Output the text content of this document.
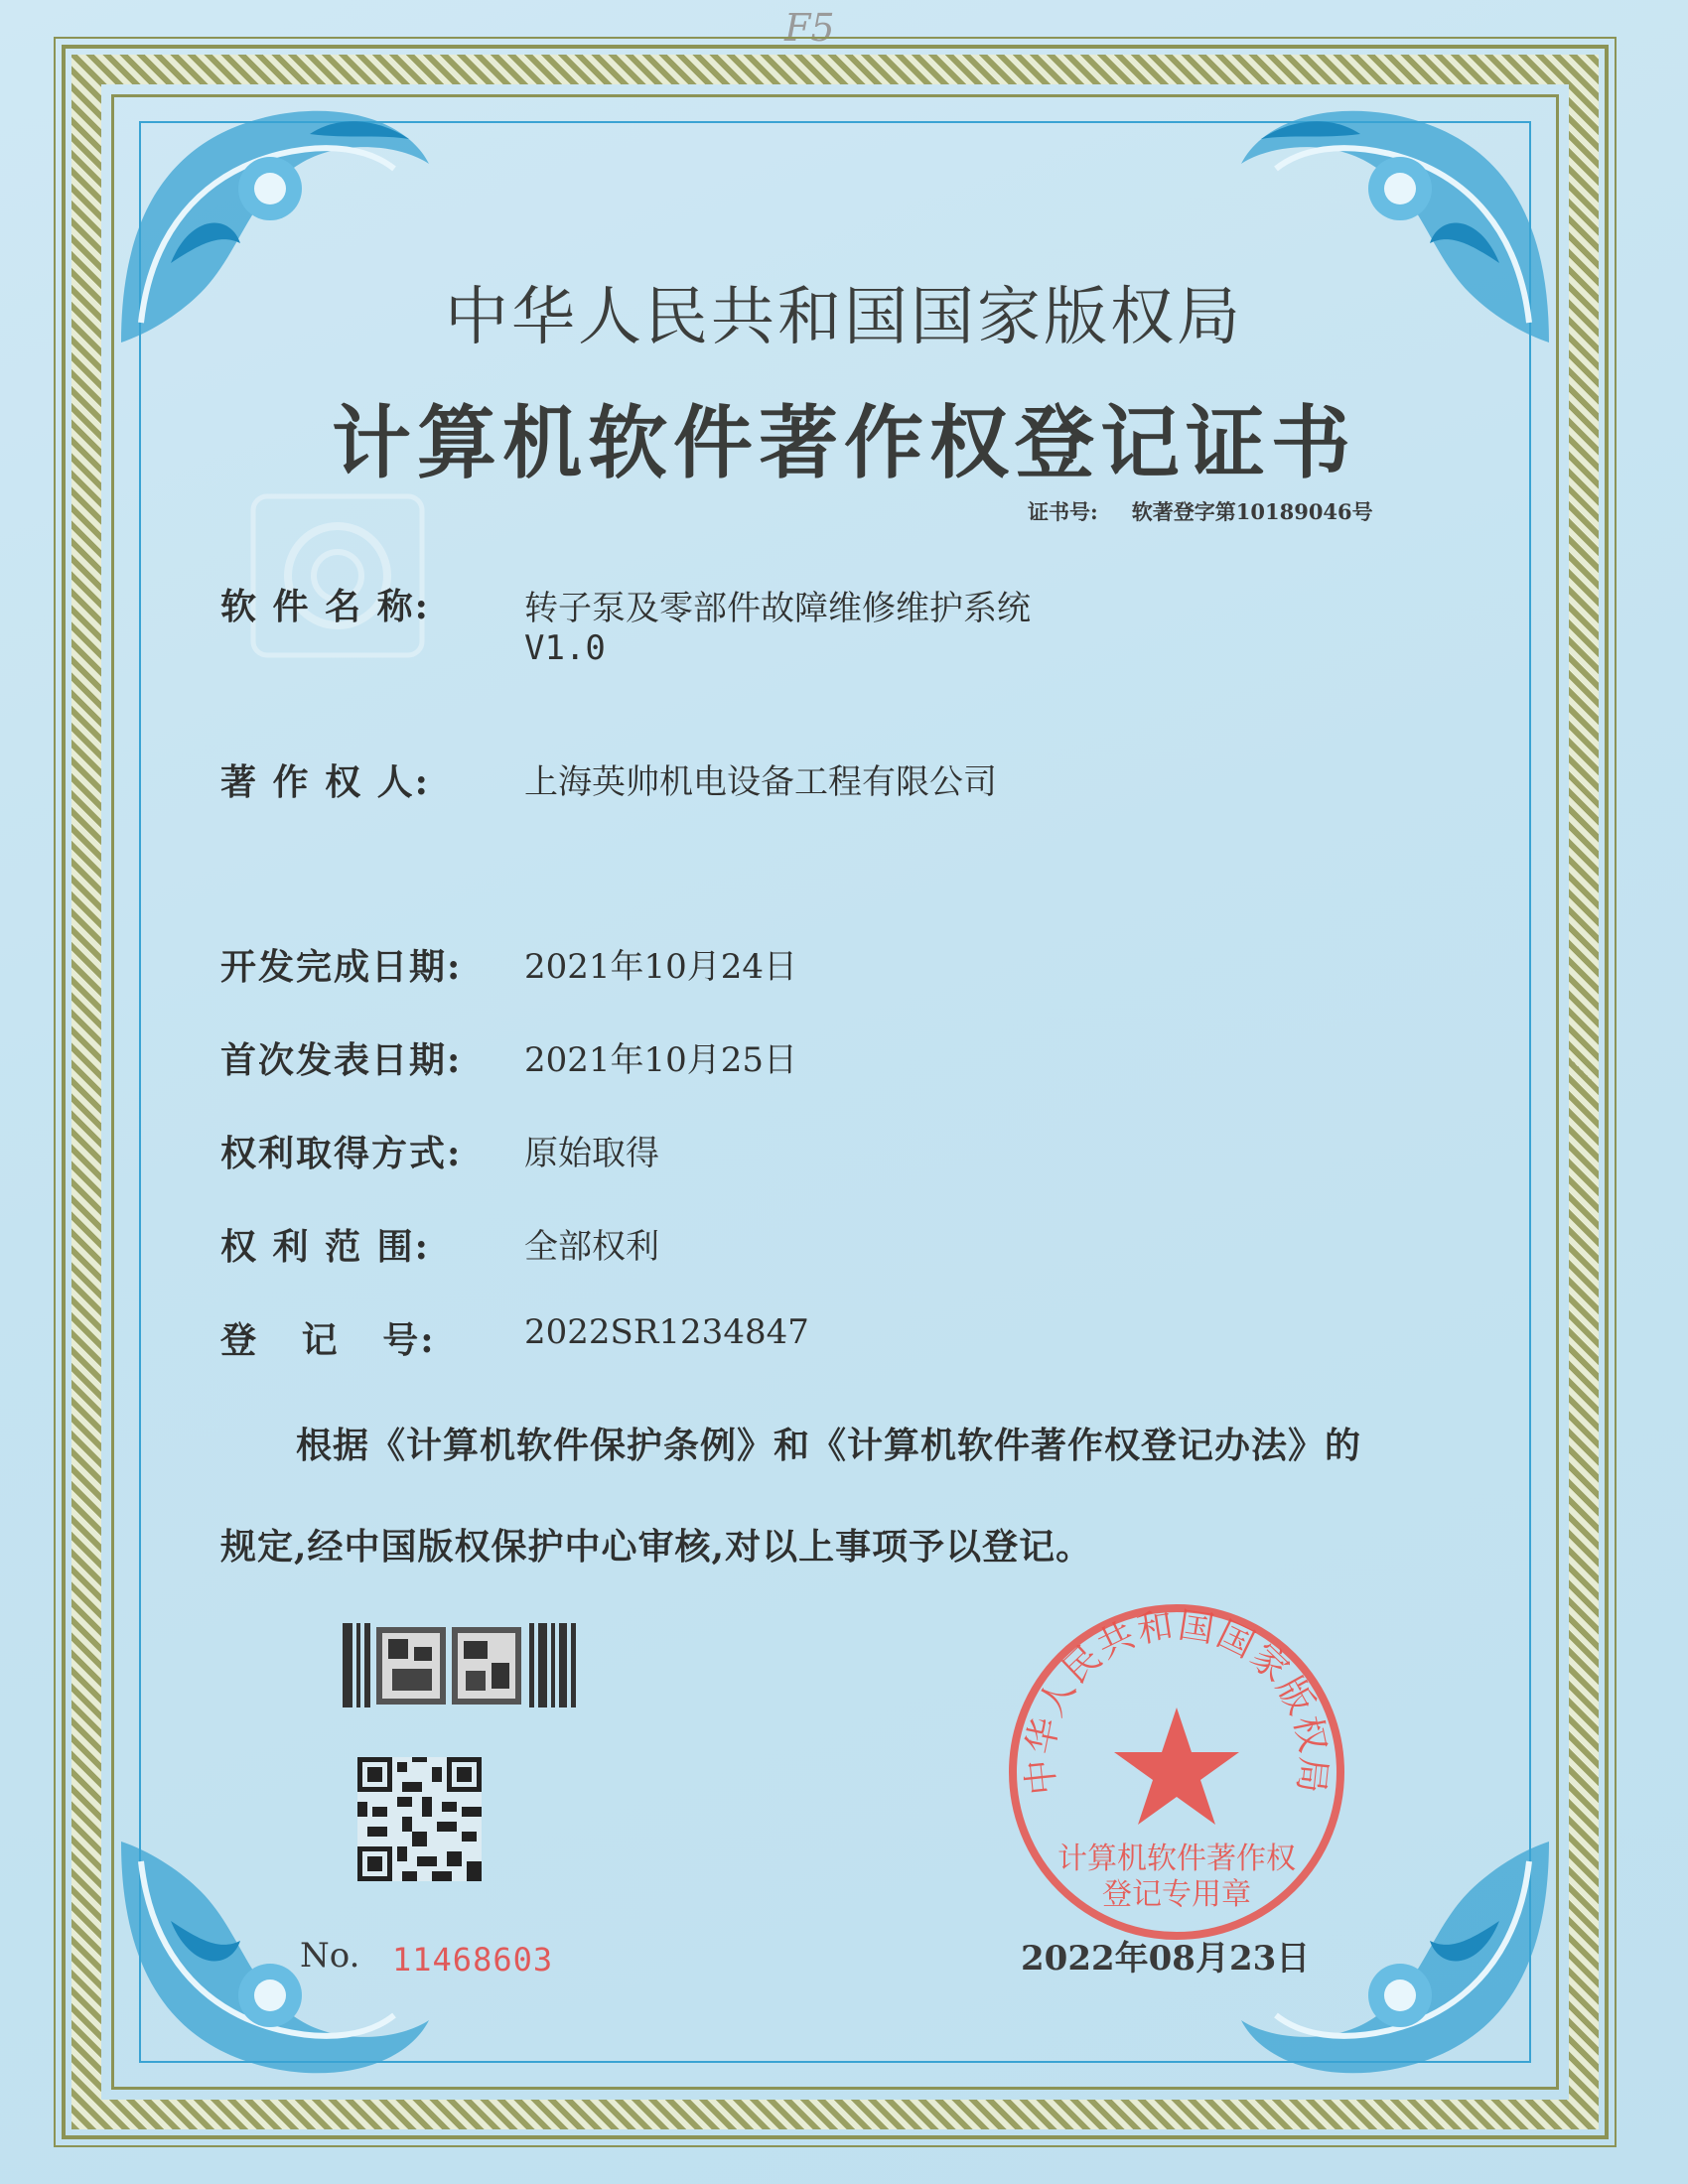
F5
中华人民共和国国家版权局
计算机软件著作权登记证书
证书号: 软著登字第10189046号
软 件 名 称:	转子泵及零部件故障维修维护系统
V1.0
著 作 权 人:	上海英帅机电设备工程有限公司
开发完成日期: 2021年10月24日
首次发表日期: 2021年10月25日
权利取得方式: 原始取得
权 利 范 围:	全部权利
登   记   号:	2022SR1234847
根据《计算机软件保护条例》和《计算机软件著作权登记办法》的
规定,经中国版权保护中心审核,对以上事项予以登记。
No. 11468603
中华人民共和国国家版权局
计算机软件著作权
登记专用章
2022年08月23日
